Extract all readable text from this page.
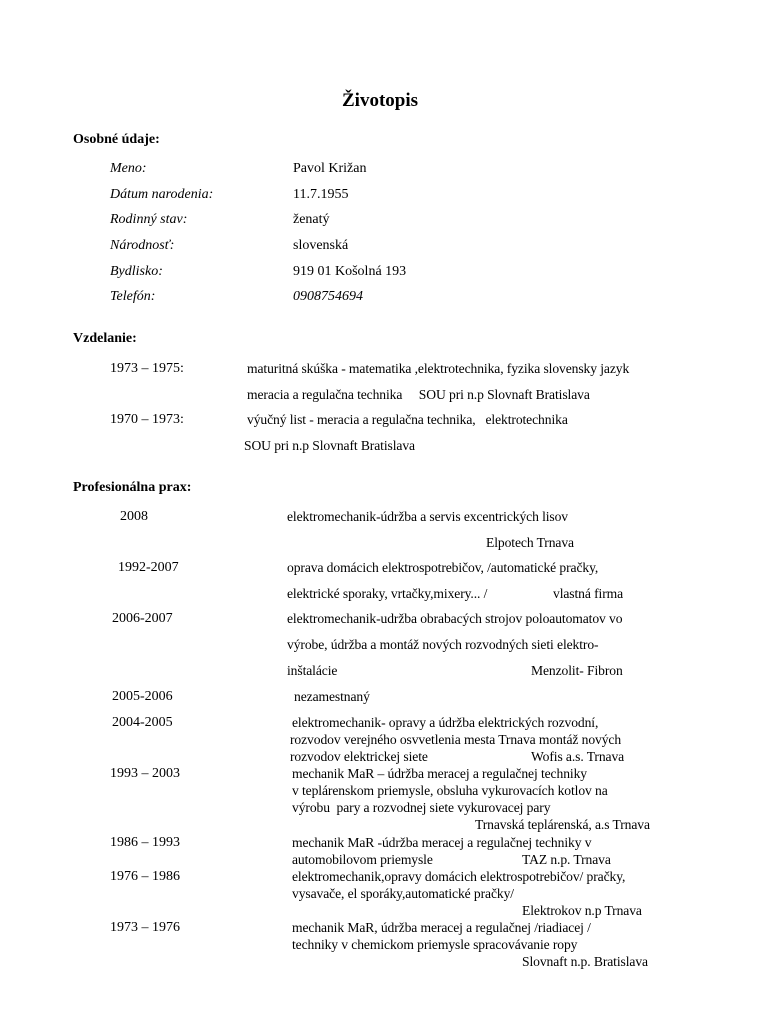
Životopis
Osobné údaje:
Meno:	Pavol Križan
Dátum narodenia:	11.7.1955
Rodinný stav:	ženatý
Národnosť:	slovenská
Bydlisko:	919 01 Košolná 193
Telefón:	0908754694
Vzdelanie:
1973 – 1975:	maturitná skúška - matematika ,elektrotechnika, fyzika slovensky jazyk
meracia a regulačna technika     SOU pri n.p Slovnaft Bratislava
1970 – 1973:	výučný list - meracia a regulačna technika,   elektrotechnika
SOU pri n.p Slovnaft Bratislava
Profesionálna prax:
2008	elektromechanik-údržba a servis excentrických lisov
Elpotech Trnava
1992-2007	oprava domácich elektrospotrebičov, /automatické pračky,
elektrické sporaky, vrtačky,mixery... /	vlastná firma
2006-2007	elektromechanik-udržba obrabacých strojov poloautomatov vo
výrobe, údržba a montáž nových rozvodných sieti elektro-
inštalácie	Menzolit- Fibron
2005-2006	nezamestnaný
2004-2005	elektromechanik- opravy a údržba elektrických rozvodní,
rozvodov verejného osvvetlenia mesta Trnava montáž nových
rozvodov elektrickej siete	Wofis a.s. Trnava
1993 – 2003	mechanik MaR – údržba meracej a regulačnej techniky
v teplárenskom priemysle, obsluha vykurovacích kotlov na
výrobu  pary a rozvodnej siete vykurovacej pary
Trnavská teplárenská, a.s Trnava
1986 – 1993	mechanik MaR -údržba meracej a regulačnej techniky v
automobilovom priemysle	TAZ n.p. Trnava
1976 – 1986	elektromechanik,opravy domácich elektrospotrebičov/ pračky,
vysavače, el sporáky,automatické pračky/
Elektrokov n.p Trnava
1973 – 1976	mechanik MaR, údržba meracej a regulačnej /riadiacej /
techniky v chemickom priemysle spracovávanie ropy
Slovnaft n.p. Bratislava
